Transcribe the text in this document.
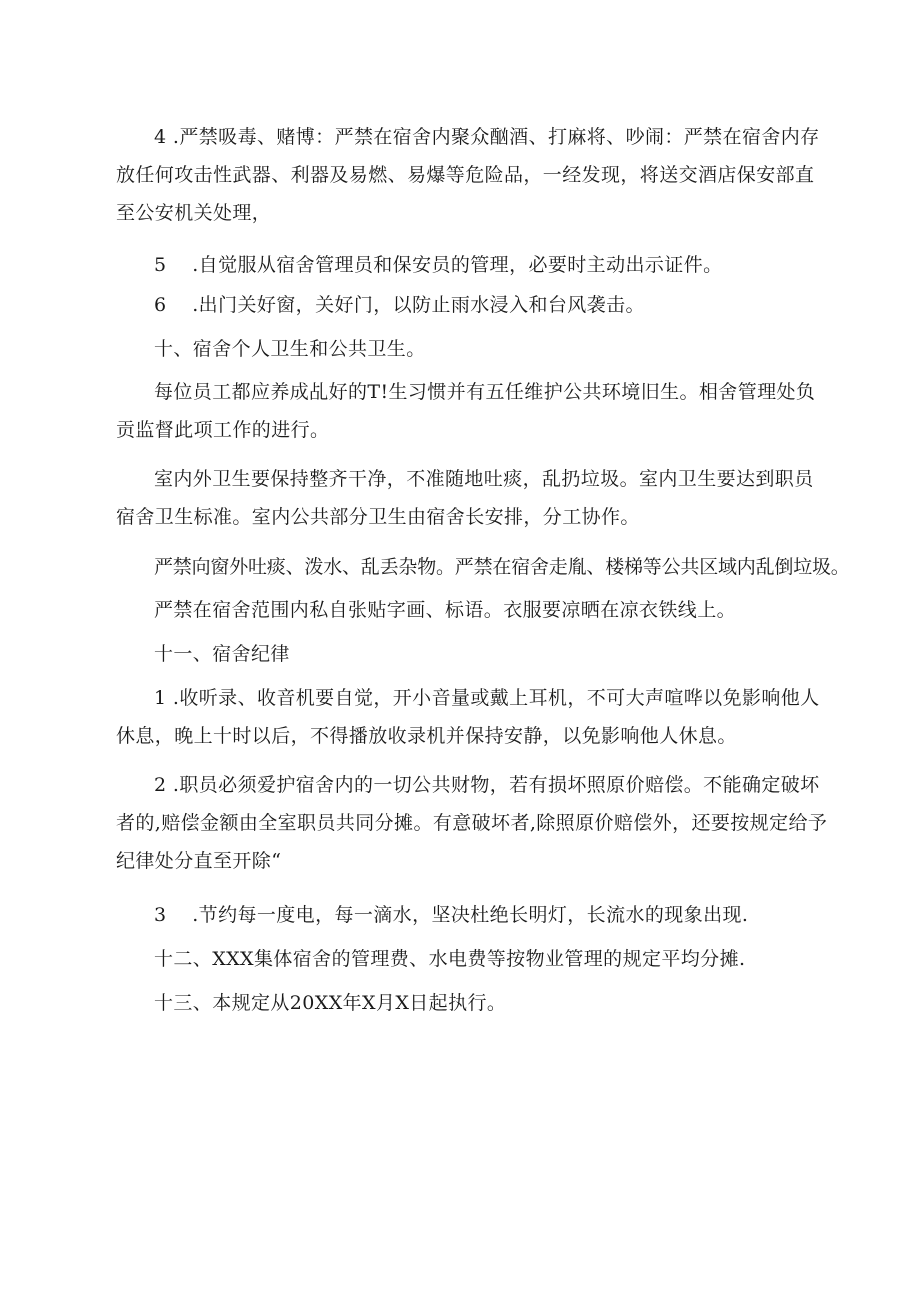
4 .严禁吸毒、赌博：严禁在宿舍内聚众酗酒、打麻将、吵闹：严禁在宿舍内存放任何攻击性武器、利器及易燃、易爆等危险品，一经发现，将送交酒店保安部直至公安机关处理，

5    .自觉服从宿舍管理员和保安员的管理，必要时主动出示证件。

6    .出门关好窗，关好门，以防止雨水浸入和台风袭击。

十、宿舍个人卫生和公共卫生。

每位员工都应养成乩好的T!生习惯并有五任维护公共环境旧生。相舍管理处负贡监督此项工作的进行。

室内外卫生要保持整齐干净，不准随地吐痰，乱扔垃圾。室内卫生要达到职员宿舍卫生标准。室内公共部分卫生由宿舍长安排，分工协作。

严禁向窗外吐痰、泼水、乱丢杂物。严禁在宿舍走胤、楼梯等公共区域内乱倒垃圾。

严禁在宿舍范围内私自张贴字画、标语。衣服要凉晒在凉衣铁线上。

十一、宿舍纪律

1 .收听录、收音机要自觉，开小音量或戴上耳机，不可大声喧哗以免影响他人休息，晚上十时以后，不得播放收录机并保持安静，以免影响他人休息。

2 .职员必须爱护宿舍内的一切公共财物，若有损坏照原价赔偿。不能确定破坏者的,赔偿金额由全室职员共同分摊。有意破坏者,除照原价赔偿外，还要按规定给予纪律处分直至开除“

3    .节约每一度电，每一滴水，坚决杜绝长明灯，长流水的现象出现.

十二、XXX集体宿舍的管理费、水电费等按物业管理的规定平均分摊.

十三、本规定从20XX年X月X日起执行。
